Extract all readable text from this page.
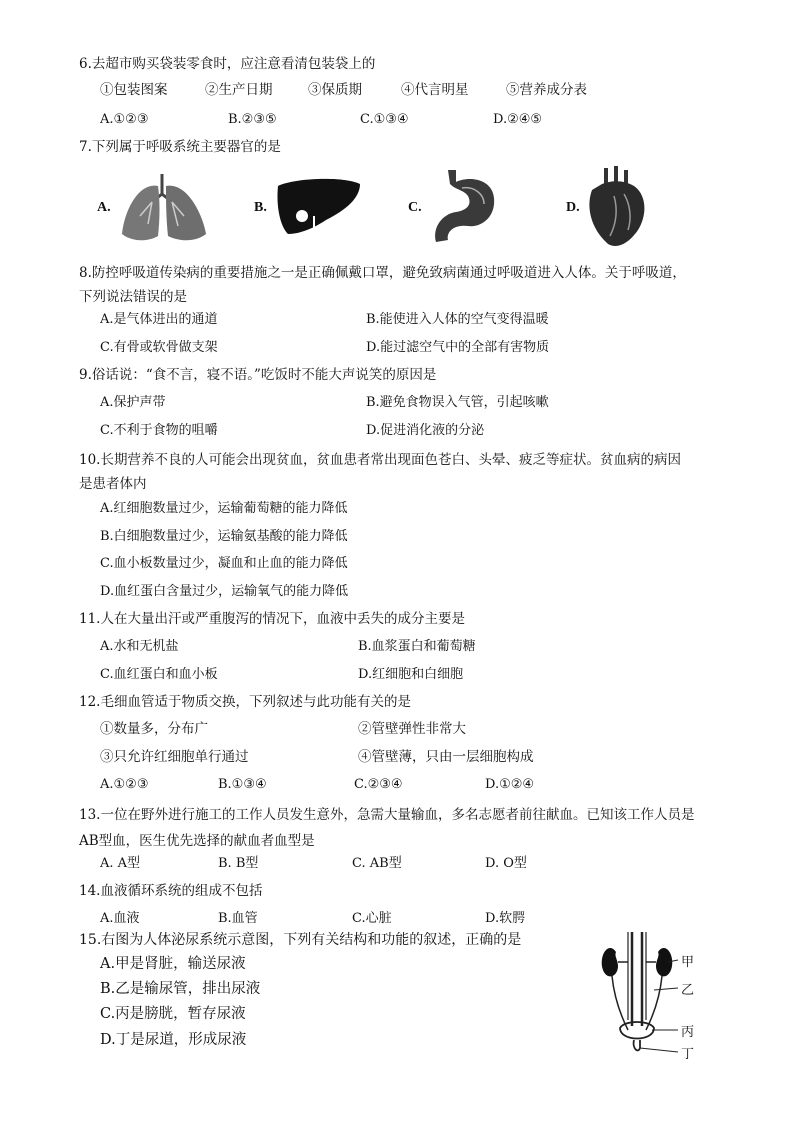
6.去超市购买袋装零食时，应注意看清包装袋上的
①包装图案	②生产日期	③保质期	④代言明星	⑤营养成分表
A.①②③	B.②③⑤	C.①③④	D.②④⑤
7.下列属于呼吸系统主要器官的是
A.	B.	C.	D.
8.防控呼吸道传染病的重要措施之一是正确佩戴口罩，避免致病菌通过呼吸道进入人体。关于呼吸道，
下列说法错误的是
A.是气体进出的通道	B.能使进入人体的空气变得温暖
C.有骨或软骨做支架	D.能过滤空气中的全部有害物质
9.俗话说：“食不言，寝不语。”吃饭时不能大声说笑的原因是
A.保护声带	B.避免食物误入气管，引起咳嗽
C.不利于食物的咀嚼	D.促进消化液的分泌
10.长期营养不良的人可能会出现贫血，贫血患者常出现面色苍白、头晕、疲乏等症状。贫血病的病因
是患者体内
A.红细胞数量过少，运输葡萄糖的能力降低
B.白细胞数量过少，运输氨基酸的能力降低
C.血小板数量过少，凝血和止血的能力降低
D.血红蛋白含量过少，运输氧气的能力降低
11.人在大量出汗或严重腹泻的情况下，血液中丢失的成分主要是
A.水和无机盐	B.血浆蛋白和葡萄糖
C.血红蛋白和血小板	D.红细胞和白细胞
12.毛细血管适于物质交换，下列叙述与此功能有关的是
①数量多，分布广	②管壁弹性非常大
③只允许红细胞单行通过	④管壁薄，只由一层细胞构成
A.①②③	B.①③④	C.②③④	D.①②④
13.一位在野外进行施工的工作人员发生意外，急需大量输血，多名志愿者前往献血。已知该工作人员是
AB型血，医生优先选择的献血者血型是
A. A型	B. B型	C. AB型	D. O型
14.血液循环系统的组成不包括
A.血液	B.血管	C.心脏	D.软腭
15.右图为人体泌尿系统示意图，下列有关结构和功能的叙述，正确的是
A.甲是肾脏，输送尿液
B.乙是输尿管，排出尿液
C.丙是膀胱，暂存尿液
D.丁是尿道，形成尿液
甲
乙
丙
丁
